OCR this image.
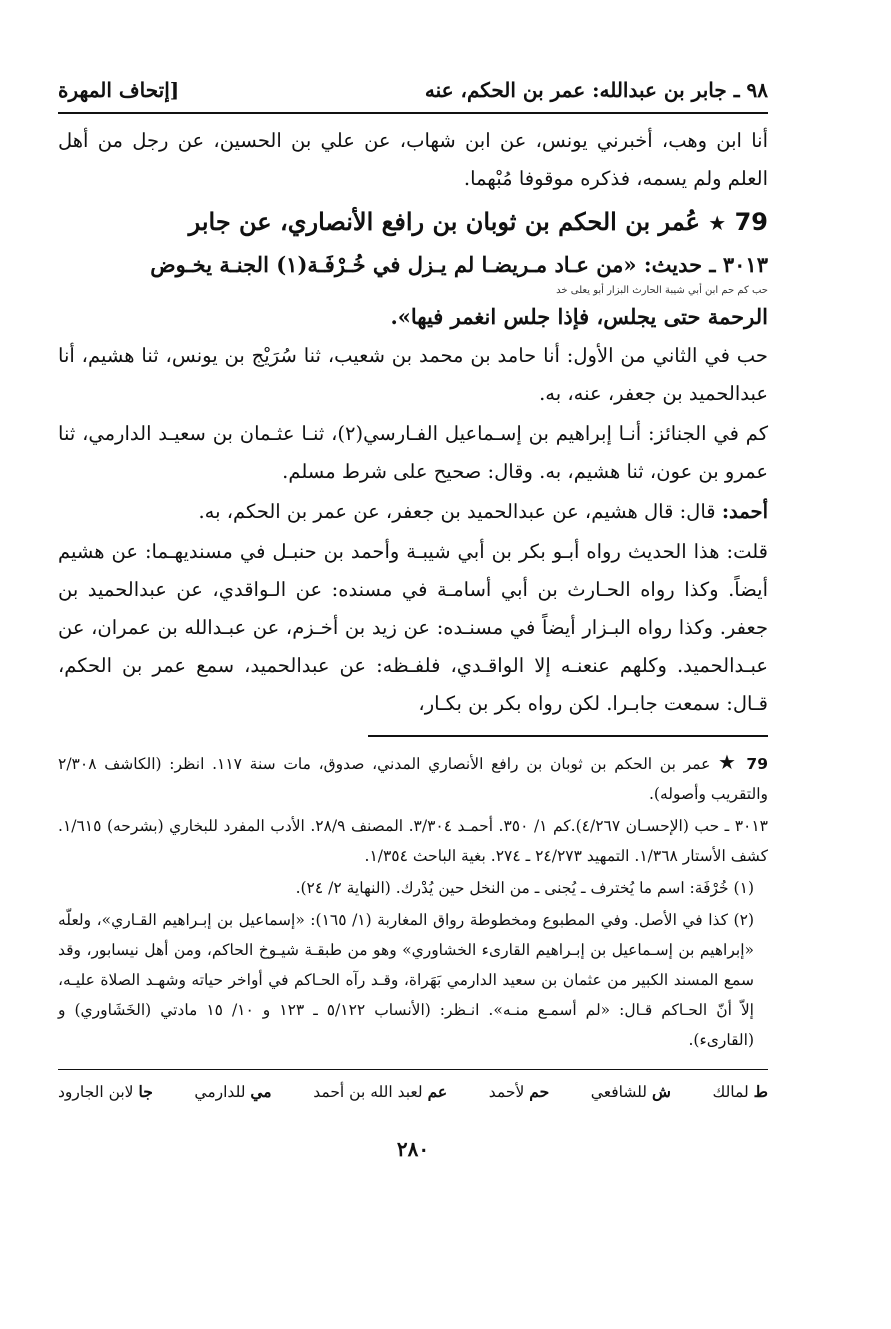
٩٨ ـ جابر بن عبدالله: عمر بن الحكم، عنه
[إتحاف المهرة

أنا ابن وهب، أخبرني يونس، عن ابن شهاب، عن علي بن الحسين، عن رجل من أهل العلم ولم يسمه، فذكره موقوفا مُبْهما.

79 ★ عُمر بن الحكم بن ثوبان بن رافع الأنصاري، عن جابر

٣٠١٣ ـ حديث: «من عـاد مـريضـا لم يـزل في خُـرْفَـة(١) الجنـة يخـوض

حب كم حم ابن أبي شيبة الحارث البزار أبو يعلى خد

الرحمة حتى يجلس، فإذا جلس انغمر فيها».

حب في الثاني من الأول: أنا حامد بن محمد بن شعيب، ثنا سُرَيْج بن يونس، ثنا هشيم، أنا عبدالحميد بن جعفر، عنه، به.

كم في الجنائز: أنـا إبراهيم بن إسـماعيل الفـارسي(٢)، ثنـا عثـمان بن سعيـد الدارمي، ثنا عمرو بن عون، ثنا هشيم، به. وقال: صحيح على شرط مسلم.

أحمد: قال: قال هشيم، عن عبدالحميد بن جعفر، عن عمر بن الحكم، به.

قلت: هذا الحديث رواه أبـو بكر بن أبي شيبـة وأحمد بن حنبـل في مسنديهـما: عن هشيم أيضاً. وكذا رواه الحـارث بن أبي أسامـة في مسنده: عن الـواقدي، عن عبدالحميد بن جعفر. وكذا رواه البـزار أيضاً في مسنـده: عن زيد بن أخـزم، عن عبـدالله بن عمران، عن عبـدالحميد. وكلهم عنعنـه إلا الواقـدي، فلفـظه: عن عبدالحميد، سمع عمر بن الحكم، قـال: سمعت جابـرا. لكن رواه بكر بن بكـار،

79 ★ عمر بن الحكم بن ثوبان بن رافع الأنصاري المدني، صدوق، مات سنة ١١٧. انظر: (الكاشف ٢/٣٠٨ والتقريب وأصوله).

٣٠١٣ ـ حب (الإحسـان ٤/٢٦٧).كم ١/ ٣٥٠. أحمـد ٣/٣٠٤. المصنف ٢٨/٩. الأدب المفرد للبخاري (بشرحه) ١/٦١٥. كشف الأستار ١/٣٦٨. التمهيد ٢٤/٢٧٣ ـ ٢٧٤. بغية الباحث ١/٣٥٤.

(١) خُرْفَة: اسم ما يُخترف ـ يُجنى ـ من النخل حين يُدْرك. (النهاية ٢/ ٢٤).

(٢) كذا في الأصل. وفي المطبوع ومخطوطة رواق المغاربة (١/ ١٦٥): «إسماعيل بن إبـراهيم القـاري»، ولعلّه «إبراهيم بن إسـماعيل بن إبـراهيم القارىء الخشاوري» وهو من طبقـة شيـوخ الحاكم، ومن أهل نيسابور، وقد سمع المسند الكبير من عثمان بن سعيد الدارمي بَهَراة، وقـد رآه الحـاكم في أواخر حياته وشهـد الصلاة عليـه، إلاّ أنّ الحـاكم قـال: «لم أسمـع منـه». انـظر: (الأنساب ٥/١٢٢ ـ ١٢٣ و ١٠/ ١٥ مادتي (الخَشَاوري) و (القارىء).

ط لمالك
ش للشافعي
حم لأحمد
عم لعبد الله بن أحمد
مي للدارمي
جا لابن الجارود
٢٨٠
